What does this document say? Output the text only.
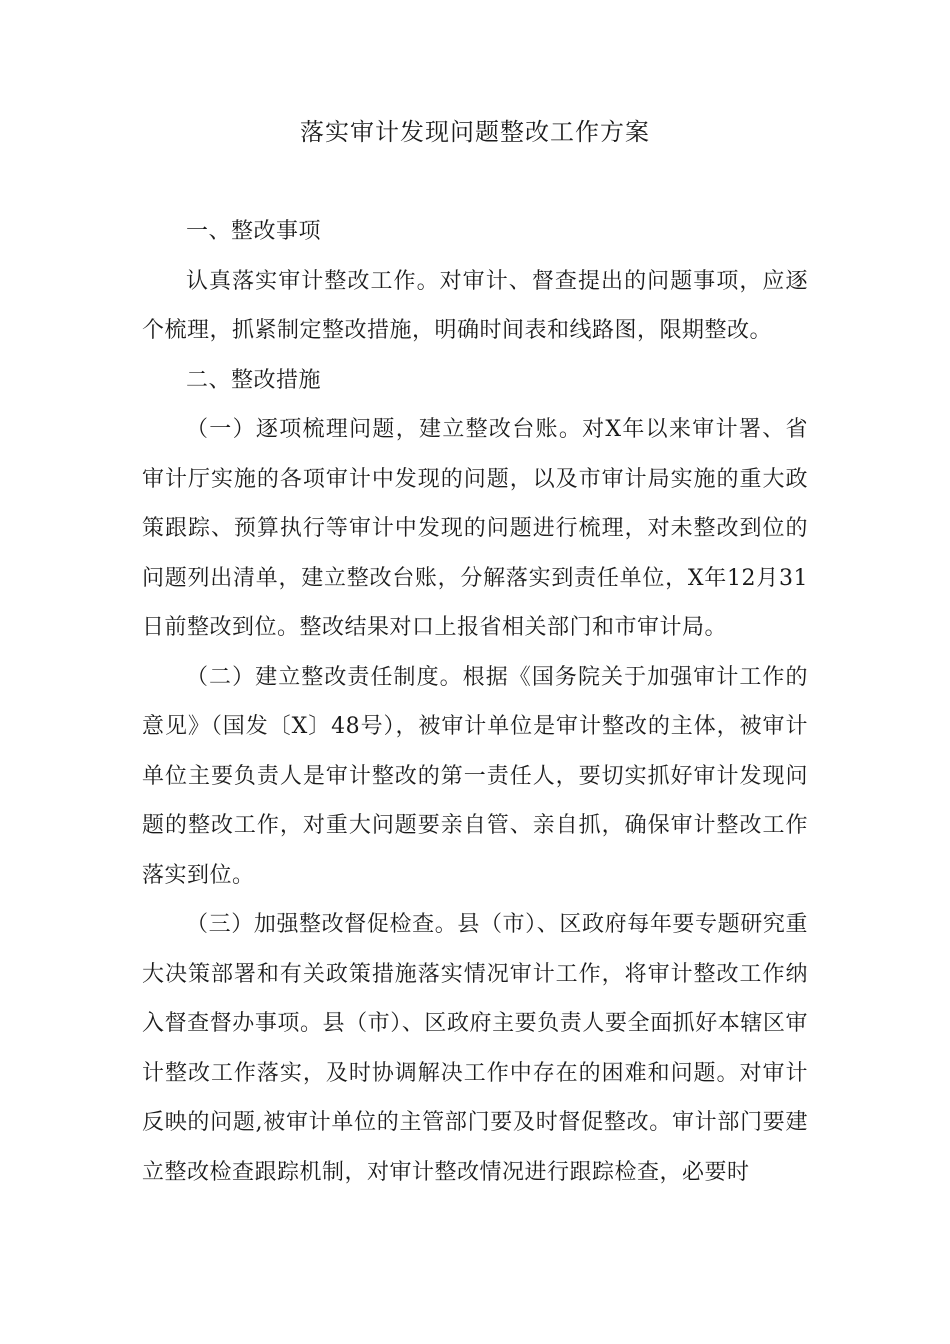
落实审计发现问题整改工作方案

一、整改事项

认真落实审计整改工作。对审计、督查提出的问题事项，应逐个梳理，抓紧制定整改措施，明确时间表和线路图，限期整改。

二、整改措施

（一）逐项梳理问题，建立整改台账。对X年以来审计署、省审计厅实施的各项审计中发现的问题，以及市审计局实施的重大政策跟踪、预算执行等审计中发现的问题进行梳理，对未整改到位的问题列出清单，建立整改台账，分解落实到责任单位，X年12月31日前整改到位。整改结果对口上报省相关部门和市审计局。

（二）建立整改责任制度。根据《国务院关于加强审计工作的意见》（国发〔X〕48号），被审计单位是审计整改的主体，被审计单位主要负责人是审计整改的第一责任人，要切实抓好审计发现问题的整改工作，对重大问题要亲自管、亲自抓，确保审计整改工作落实到位。

（三）加强整改督促检查。县（市）、区政府每年要专题研究重大决策部署和有关政策措施落实情况审计工作，将审计整改工作纳入督查督办事项。县（市）、区政府主要负责人要全面抓好本辖区审计整改工作落实，及时协调解决工作中存在的困难和问题。对审计反映的问题,被审计单位的主管部门要及时督促整改。审计部门要建立整改检查跟踪机制，对审计整改情况进行跟踪检查，必要时
